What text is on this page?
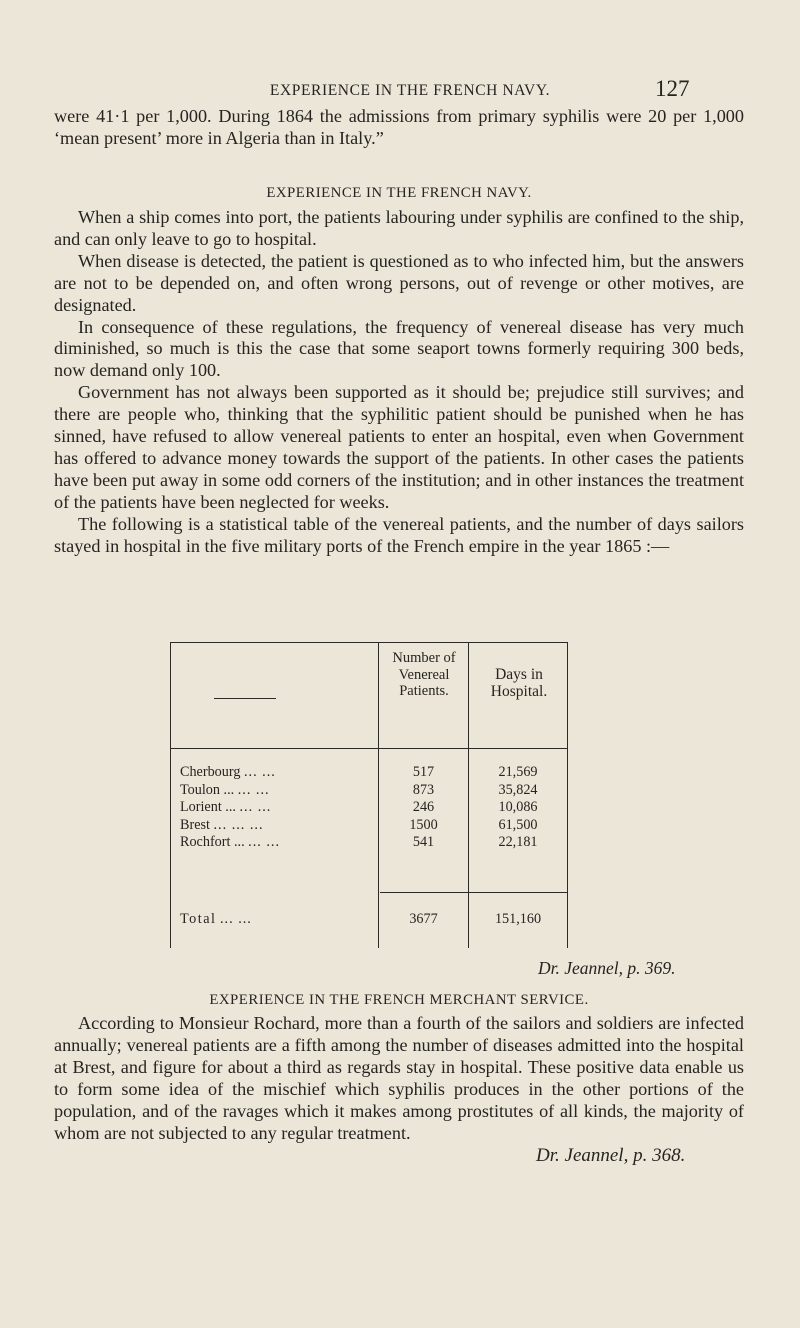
EXPERIENCE IN THE FRENCH NAVY.	127

were 41·1 per 1,000. During 1864 the admissions from primary syphilis were 20 per 1,000 ‘mean present’ more in Algeria than in Italy.”

EXPERIENCE IN THE FRENCH NAVY.

When a ship comes into port, the patients labouring under syphilis are confined to the ship, and can only leave to go to hospital.

When disease is detected, the patient is questioned as to who infected him, but the answers are not to be depended on, and often wrong persons, out of revenge or other motives, are designated.

In consequence of these regulations, the frequency of venereal disease has very much diminished, so much is this the case that some seaport towns formerly requiring 300 beds, now demand only 100.

Government has not always been supported as it should be; prejudice still survives; and there are people who, thinking that the syphilitic patient should be punished when he has sinned, have refused to allow venereal patients to enter an hospital, even when Government has offered to advance money towards the support of the patients. In other cases the patients have been put away in some odd corners of the institution; and in other instances the treatment of the patients have been neglected for weeks.

The following is a statistical table of the venereal patients, and the number of days sailors stayed in hospital in the five military ports of the French empire in the year 1865 :—

Number of Venereal Patients.
Days in Hospital.
Cherbourg ... ...	517	21,569
Toulon ... ... ...	873	35,824
Lorient ... ... ...	246	10,086
Brest ... ... ...	1500	61,500
Rochfort ... ... ...	541	22,181
Total ... ...	3677	151,160
Dr. Jeannel, p. 369.
EXPERIENCE IN THE FRENCH MERCHANT SERVICE.

According to Monsieur Rochard, more than a fourth of the sailors and soldiers are infected annually; venereal patients are a fifth among the number of diseases admitted into the hospital at Brest, and figure for about a third as regards stay in hospital. These positive data enable us to form some idea of the mischief which syphilis produces in the other portions of the population, and of the ravages which it makes among prostitutes of all kinds, the majority of whom are not subjected to any regular treatment.

Dr. Jeannel, p. 368.
